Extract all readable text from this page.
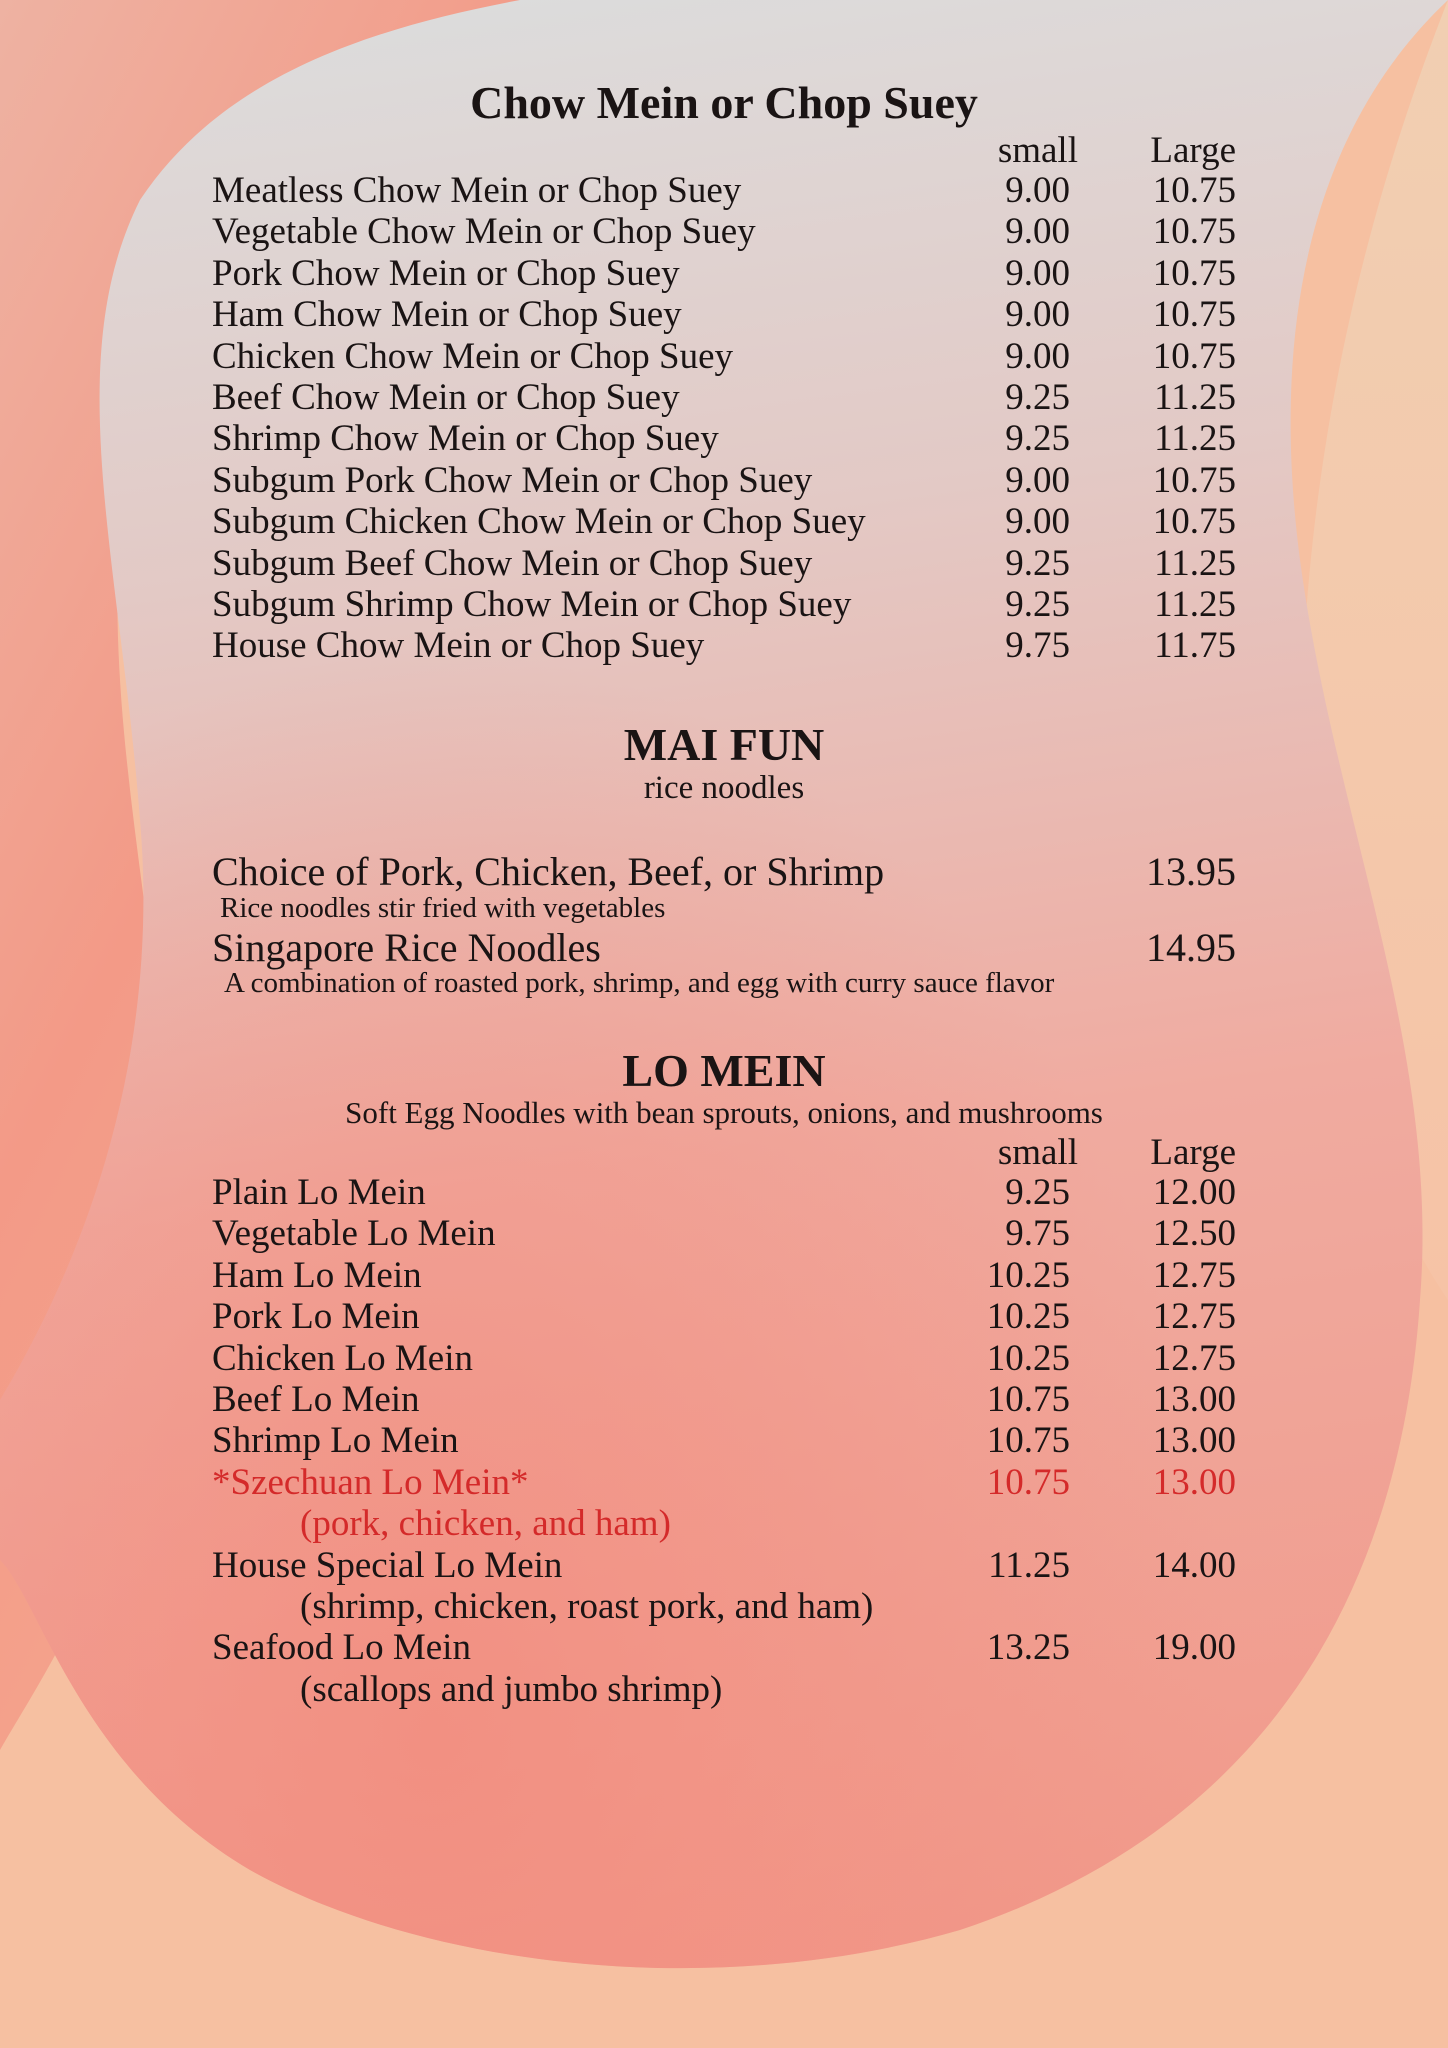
Chow Mein or Chop Suey
small	Large
Meatless Chow Mein or Chop Suey	9.00	10.75
Vegetable Chow Mein or Chop Suey	9.00	10.75
Pork Chow Mein or Chop Suey	9.00	10.75
Ham Chow Mein or Chop Suey	9.00	10.75
Chicken Chow Mein or Chop Suey	9.00	10.75
Beef Chow Mein or Chop Suey	9.25	11.25
Shrimp Chow Mein or Chop Suey	9.25	11.25
Subgum Pork Chow Mein or Chop Suey	9.00	10.75
Subgum Chicken Chow Mein or Chop Suey	9.00	10.75
Subgum Beef Chow Mein or Chop Suey	9.25	11.25
Subgum Shrimp Chow Mein or Chop Suey	9.25	11.25
House Chow Mein or Chop Suey	9.75	11.75
MAI FUN
rice noodles
Choice of Pork, Chicken, Beef, or Shrimp	13.95
Rice noodles stir fried with vegetables
Singapore Rice Noodles	14.95
A combination of roasted pork, shrimp, and egg with curry sauce flavor
LO MEIN
Soft Egg Noodles with bean sprouts, onions, and mushrooms
small	Large
Plain Lo Mein	9.25	12.00
Vegetable Lo Mein	9.75	12.50
Ham Lo Mein	10.25	12.75
Pork Lo Mein	10.25	12.75
Chicken Lo Mein	10.25	12.75
Beef Lo Mein	10.75	13.00
Shrimp Lo Mein	10.75	13.00
*Szechuan Lo Mein*	10.75	13.00
(pork, chicken, and ham)
House Special Lo Mein	11.25	14.00
(shrimp, chicken, roast pork, and ham)
Seafood Lo Mein	13.25	19.00
(scallops and jumbo shrimp)
